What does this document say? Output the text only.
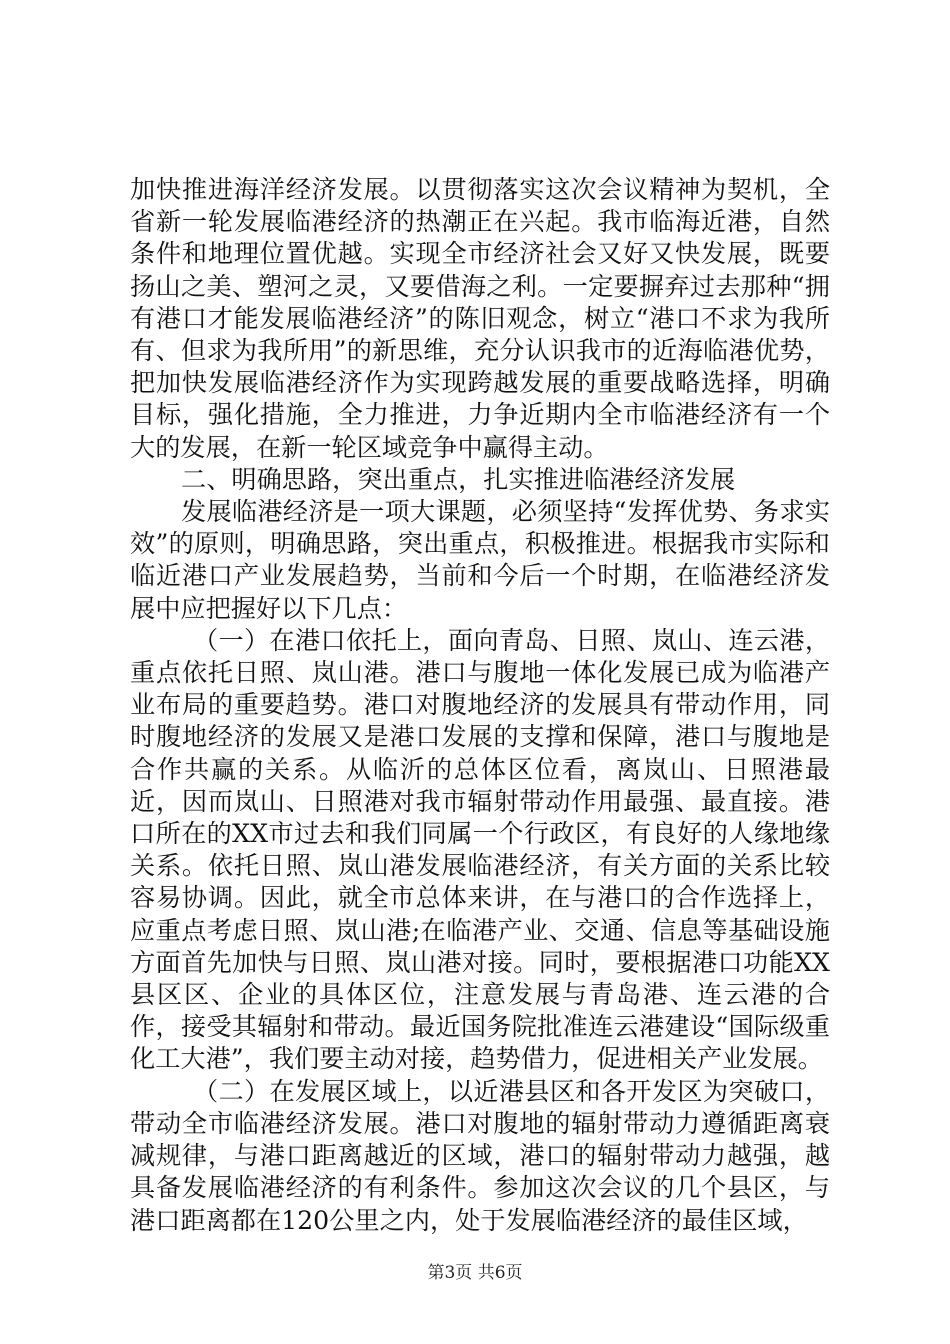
加快推进海洋经济发展。以贯彻落实这次会议精神为契机，全省新一轮发展临港经济的热潮正在兴起。我市临海近港，自然条件和地理位置优越。实现全市经济社会又好又快发展，既要扬山之美、塑河之灵，又要借海之利。一定要摒弃过去那种“拥有港口才能发展临港经济”的陈旧观念，树立“港口不求为我所有、但求为我所用”的新思维，充分认识我市的近海临港优势，把加快发展临港经济作为实现跨越发展的重要战略选择，明确目标，强化措施，全力推进，力争近期内全市临港经济有一个大的发展，在新一轮区域竞争中赢得主动。

二、明确思路，突出重点，扎实推进临港经济发展

发展临港经济是一项大课题，必须坚持“发挥优势、务求实效”的原则，明确思路，突出重点，积极推进。根据我市实际和临近港口产业发展趋势，当前和今后一个时期，在临港经济发展中应把握好以下几点：

（一）在港口依托上，面向青岛、日照、岚山、连云港，重点依托日照、岚山港。港口与腹地一体化发展已成为临港产业布局的重要趋势。港口对腹地经济的发展具有带动作用，同时腹地经济的发展又是港口发展的支撑和保障，港口与腹地是合作共赢的关系。从临沂的总体区位看，离岚山、日照港最近，因而岚山、日照港对我市辐射带动作用最强、最直接。港口所在的XX市过去和我们同属一个行政区，有良好的人缘地缘关系。依托日照、岚山港发展临港经济，有关方面的关系比较容易协调。因此，就全市总体来讲，在与港口的合作选择上，应重点考虑日照、岚山港;在临港产业、交通、信息等基础设施方面首先加快与日照、岚山港对接。同时，要根据港口功能XX县区区、企业的具体区位，注意发展与青岛港、连云港的合作，接受其辐射和带动。最近国务院批准连云港建设“国际级重化工大港”，我们要主动对接，趋势借力，促进相关产业发展。

（二）在发展区域上，以近港县区和各开发区为突破口，带动全市临港经济发展。港口对腹地的辐射带动力遵循距离衰减规律，与港口距离越近的区域，港口的辐射带动力越强，越具备发展临港经济的有利条件。参加这次会议的几个县区，与港口距离都在120公里之内，处于发展临港经济的最佳区域，

第3页 共6页
